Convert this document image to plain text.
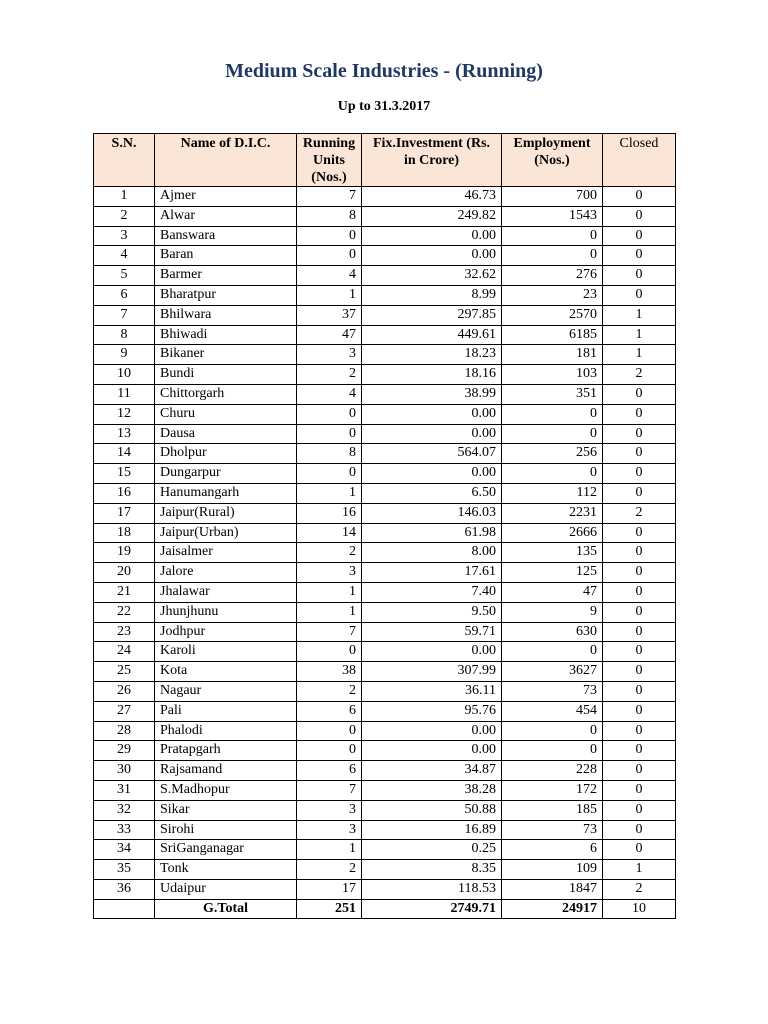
Medium Scale Industries - (Running)
Up to 31.3.2017
S.N.	Name of D.I.C.	Running Units (Nos.)	Fix.Investment (Rs. in Crore)	Employment (Nos.)	Closed
1	Ajmer	7	46.73	700	0
2	Alwar	8	249.82	1543	0
3	Banswara	0	0.00	0	0
4	Baran	0	0.00	0	0
5	Barmer	4	32.62	276	0
6	Bharatpur	1	8.99	23	0
7	Bhilwara	37	297.85	2570	1
8	Bhiwadi	47	449.61	6185	1
9	Bikaner	3	18.23	181	1
10	Bundi	2	18.16	103	2
11	Chittorgarh	4	38.99	351	0
12	Churu	0	0.00	0	0
13	Dausa	0	0.00	0	0
14	Dholpur	8	564.07	256	0
15	Dungarpur	0	0.00	0	0
16	Hanumangarh	1	6.50	112	0
17	Jaipur(Rural)	16	146.03	2231	2
18	Jaipur(Urban)	14	61.98	2666	0
19	Jaisalmer	2	8.00	135	0
20	Jalore	3	17.61	125	0
21	Jhalawar	1	7.40	47	0
22	Jhunjhunu	1	9.50	9	0
23	Jodhpur	7	59.71	630	0
24	Karoli	0	0.00	0	0
25	Kota	38	307.99	3627	0
26	Nagaur	2	36.11	73	0
27	Pali	6	95.76	454	0
28	Phalodi	0	0.00	0	0
29	Pratapgarh	0	0.00	0	0
30	Rajsamand	6	34.87	228	0
31	S.Madhopur	7	38.28	172	0
32	Sikar	3	50.88	185	0
33	Sirohi	3	16.89	73	0
34	SriGanganagar	1	0.25	6	0
35	Tonk	2	8.35	109	1
36	Udaipur	17	118.53	1847	2
	G.Total	251	2749.71	24917	10
